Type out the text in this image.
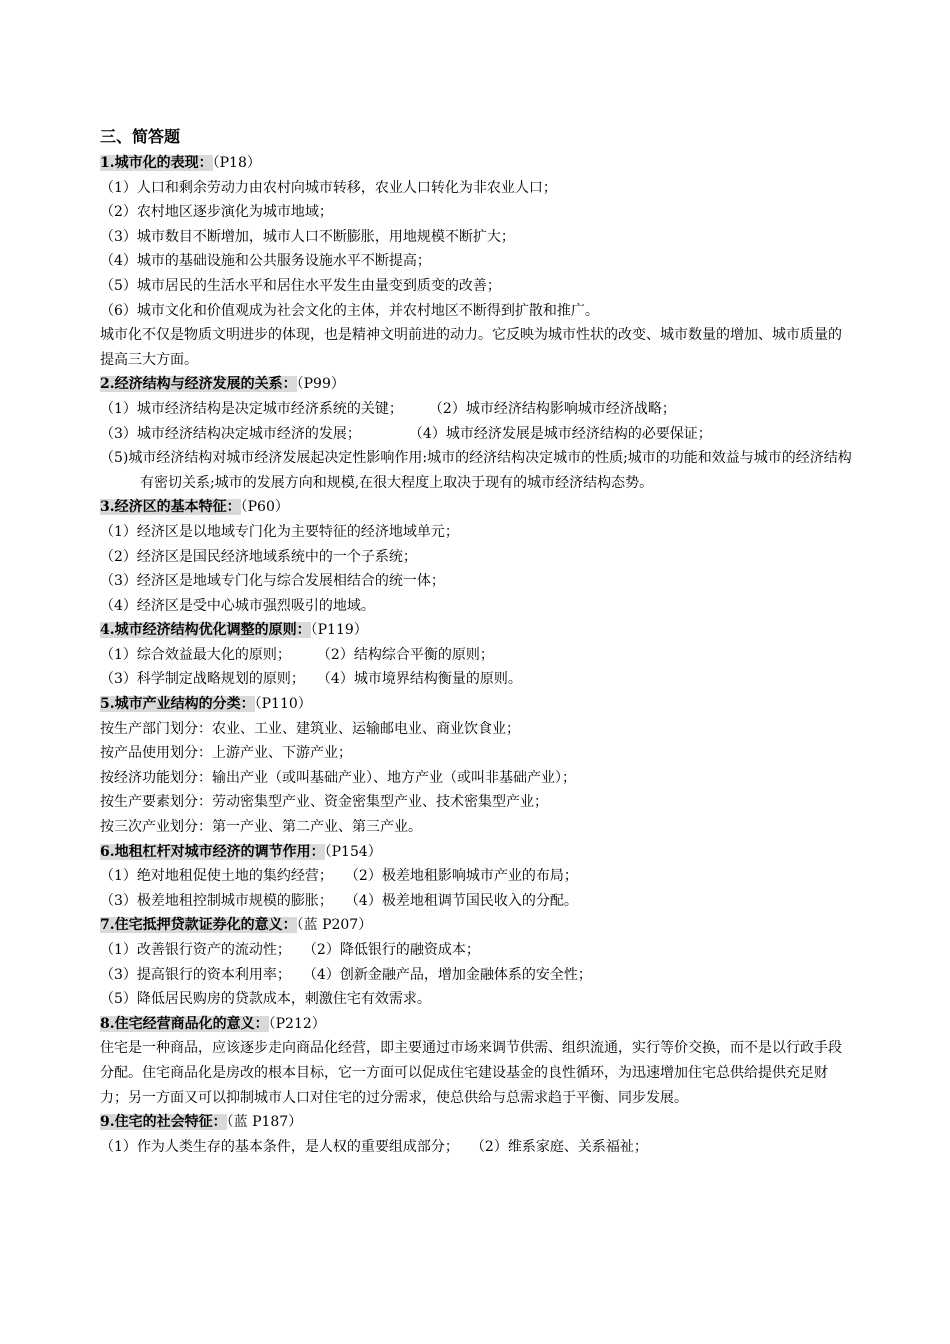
三、简答题
1.城市化的表现：（P18）
（1）人口和剩余劳动力由农村向城市转移，农业人口转化为非农业人口；
（2）农村地区逐步演化为城市地域；
（3）城市数目不断增加，城市人口不断膨胀，用地规模不断扩大；
（4）城市的基础设施和公共服务设施水平不断提高；
（5）城市居民的生活水平和居住水平发生由量变到质变的改善；
（6）城市文化和价值观成为社会文化的主体，并农村地区不断得到扩散和推广。
城市化不仅是物质文明进步的体现，也是精神文明前进的动力。它反映为城市性状的改变、城市数量的增加、城市质量的提高三大方面。
2.经济结构与经济发展的关系：（P99）
（1）城市经济结构是决定城市经济系统的关键； （2）城市经济结构影响城市经济战略；
（3）城市经济结构决定城市经济的发展；	（4）城市经济发展是城市经济结构的必要保证；
（5)城市经济结构对城市经济发展起决定性影响作用:城市的经济结构决定城市的性质;城市的功能和效益与城市的经济结构有密切关系;城市的发展方向和规模,在很大程度上取决于现有的城市经济结构态势。
3.经济区的基本特征：（P60）
（1）经济区是以地域专门化为主要特征的经济地域单元；
（2）经济区是国民经济地域系统中的一个子系统；
（3）经济区是地域专门化与综合发展相结合的统一体；
（4）经济区是受中心城市强烈吸引的地域。
4.城市经济结构优化调整的原则：（P119）
（1）综合效益最大化的原则； （2）结构综合平衡的原则；
（3）科学制定战略规划的原则； （4）城市境界结构衡量的原则。
5.城市产业结构的分类：（P110）
按生产部门划分：农业、工业、建筑业、运输邮电业、商业饮食业；
按产品使用划分：上游产业、下游产业；
按经济功能划分：输出产业（或叫基础产业）、地方产业（或叫非基础产业）；
按生产要素划分：劳动密集型产业、资金密集型产业、技术密集型产业；
按三次产业划分：第一产业、第二产业、第三产业。
6.地租杠杆对城市经济的调节作用：（P154）
（1）绝对地租促使土地的集约经营； （2）极差地租影响城市产业的布局；
（3）极差地租控制城市规模的膨胀； （4）极差地租调节国民收入的分配。
7.住宅抵押贷款证券化的意义：（蓝 P207）
（1）改善银行资产的流动性； （2）降低银行的融资成本；
（3）提高银行的资本利用率； （4）创新金融产品，增加金融体系的安全性；
（5）降低居民购房的贷款成本，刺激住宅有效需求。
8.住宅经营商品化的意义：（P212）
住宅是一种商品，应该逐步走向商品化经营，即主要通过市场来调节供需、组织流通，实行等价交换，而不是以行政手段分配。住宅商品化是房改的根本目标，它一方面可以促成住宅建设基金的良性循环，为迅速增加住宅总供给提供充足财力；另一方面又可以抑制城市人口对住宅的过分需求，使总供给与总需求趋于平衡、同步发展。
9.住宅的社会特征：（蓝 P187）
（1）作为人类生存的基本条件，是人权的重要组成部分； （2）维系家庭、关系福祉；
